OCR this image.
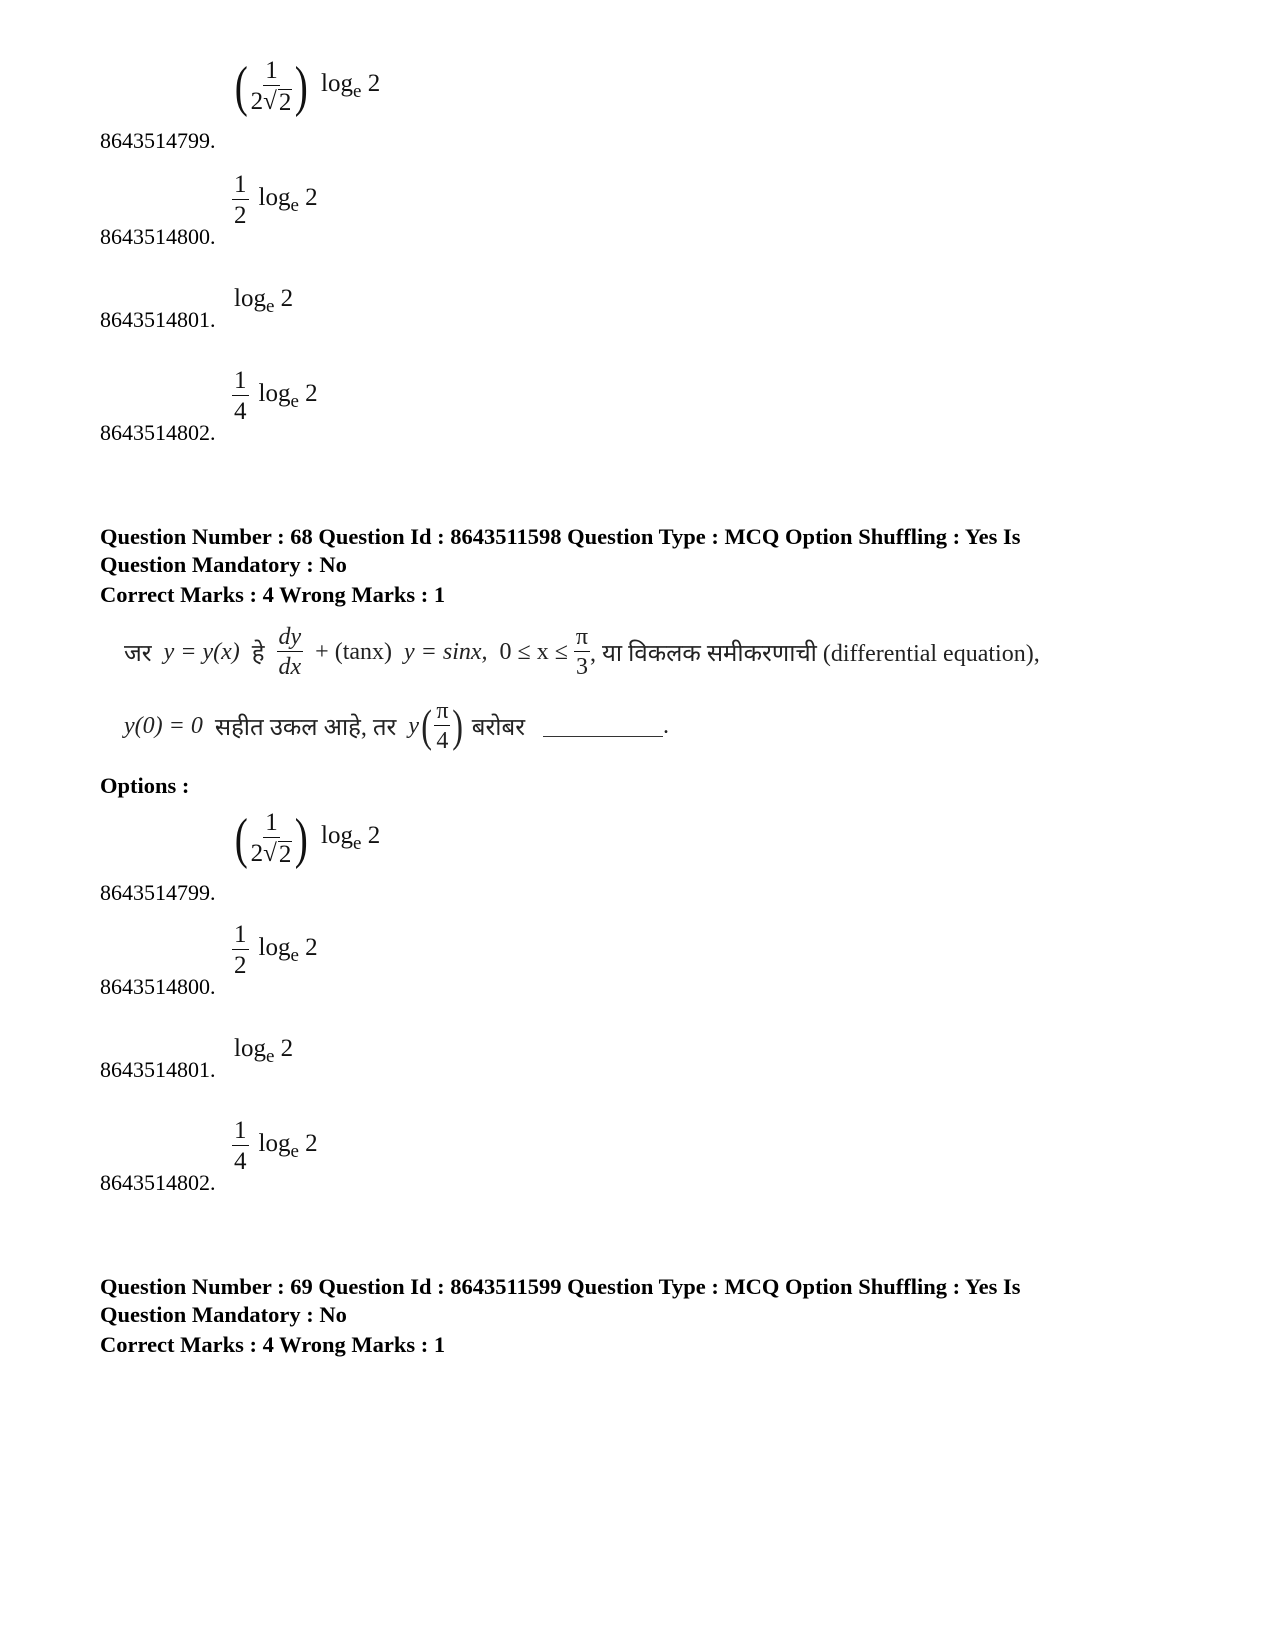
( $\frac{1}{2√ 2}$ ) $\log_e 2$
8643514799.
$\frac{1}{2} \log_e 2$
8643514800.
$\log_e 2$
8643514801.
$\frac{1}{4} \log_e 2$
8643514802.
Question Number : 68 Question Id : 8643511598 Question Type : MCQ Option Shuffling : Yes Is
Question Mandatory : No
Correct Marks : 4 Wrong Marks : 1
जर y = y(x) हे $\frac{dy}{dx} + (\tan x) y = \sin x$, $0 \le x \le \frac{\pi}{3}$ , या विकलक समीकरणाची (differential equation),
y(0) = 0 सहीत उकल आहे, तर y ( $\frac{\pi}{4}$ ) बरोबर	.
Options :
( $\frac{1}{2√ 2}$ ) $\log_e 2$
8643514799.
$\frac{1}{2} \log_e 2$
8643514800.
$\log_e 2$
8643514801.
$\frac{1}{4} \log_e 2$
8643514802.
Question Number : 69 Question Id : 8643511599 Question Type : MCQ Option Shuffling : Yes Is
Question Mandatory : No
Correct Marks : 4 Wrong Marks : 1
